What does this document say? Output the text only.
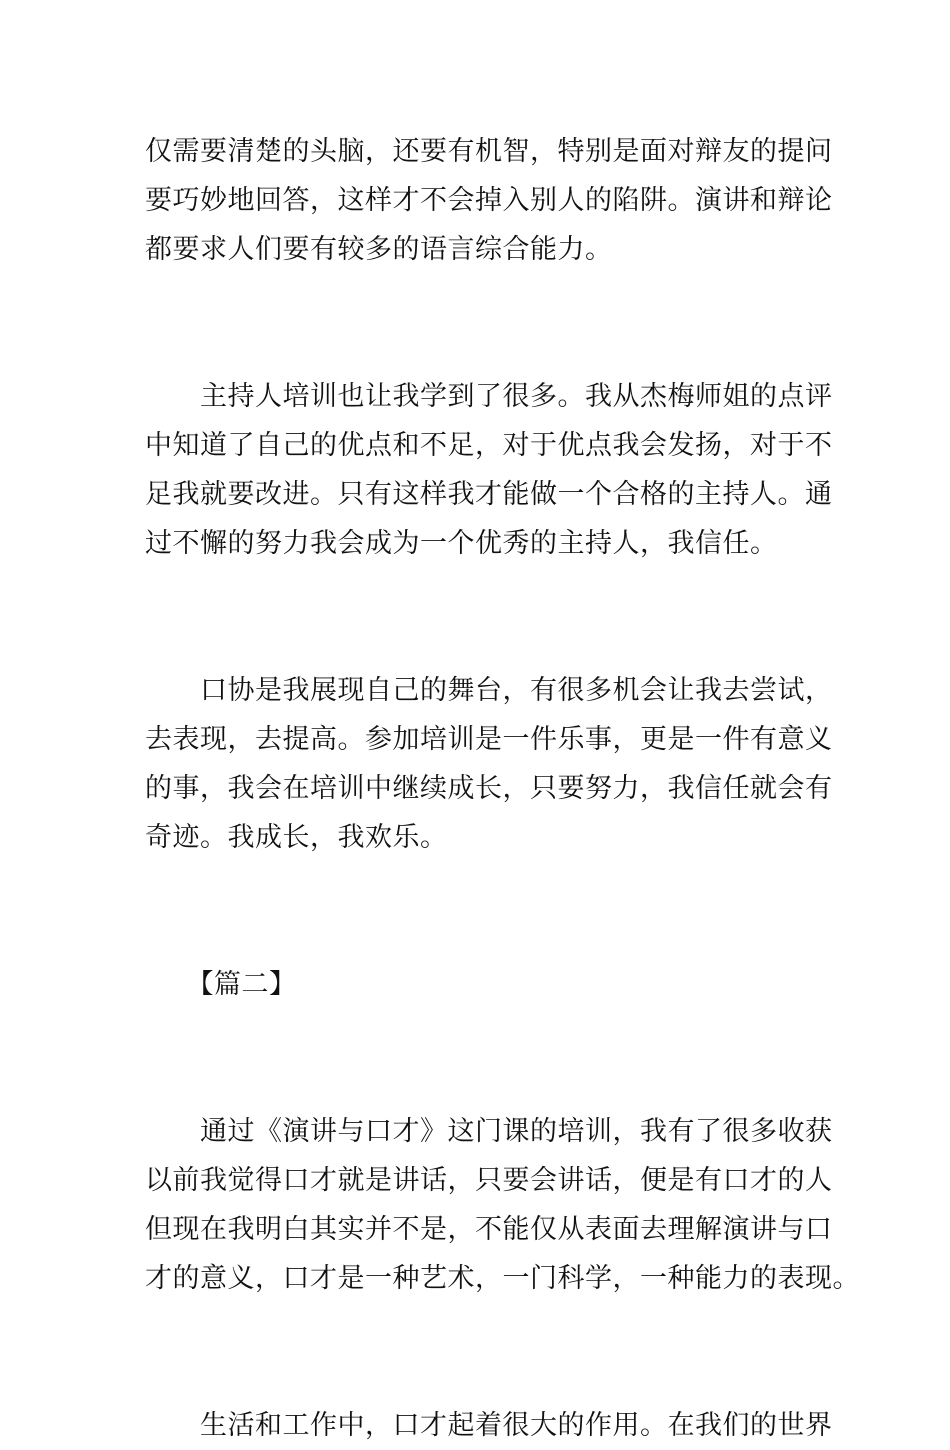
仅需要清楚的头脑，还要有机智，特别是面对辩友的提问
要巧妙地回答，这样才不会掉入别人的陷阱。演讲和辩论
都要求人们要有较多的语言综合能力。
　　主持人培训也让我学到了很多。我从杰梅师姐的点评
中知道了自己的优点和不足，对于优点我会发扬，对于不
足我就要改进。只有这样我才能做一个合格的主持人。通
过不懈的努力我会成为一个优秀的主持人，我信任。
　　口协是我展现自己的舞台，有很多机会让我去尝试，
去表现，去提高。参加培训是一件乐事，更是一件有意义
的事，我会在培训中继续成长，只要努力，我信任就会有
奇迹。我成长，我欢乐。
　　【篇二】
　　通过《演讲与口才》这门课的培训，我有了很多收获
以前我觉得口才就是讲话，只要会讲话，便是有口才的人
但现在我明白其实并不是，不能仅从表面去理解演讲与口
才的意义，口才是一种艺术，一门科学，一种能力的表现。
　　生活和工作中，口才起着很大的作用。在我们的世界
